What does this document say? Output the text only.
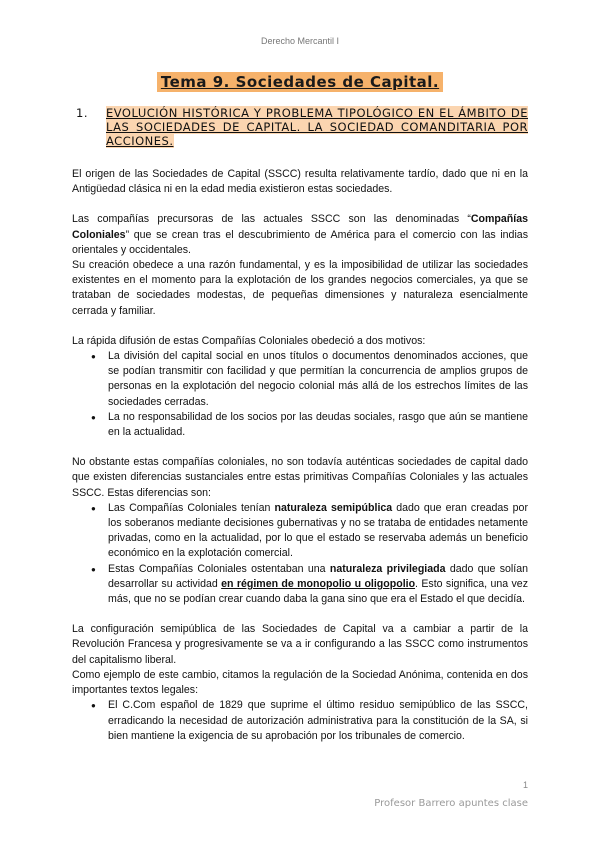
Derecho Mercantil I
Tema 9. Sociedades de Capital.
1.	EVOLUCIÓN HISTÓRICA Y PROBLEMA TIPOLÓGICO EN EL ÁMBITO DE LAS SOCIEDADES DE CAPITAL. LA SOCIEDAD COMANDITARIA POR ACCIONES.

El origen de las Sociedades de Capital (SSCC) resulta relativamente tardío, dado que ni en la Antigüedad clásica ni en la edad media existieron estas sociedades.

Las compañías precursoras de las actuales SSCC son las denominadas “Compañías Coloniales” que se crean tras el descubrimiento de América para el comercio con las indias orientales y occidentales.

Su creación obedece a una razón fundamental, y es la imposibilidad de utilizar las sociedades existentes en el momento para la explotación de los grandes negocios comerciales, ya que se trataban de sociedades modestas, de pequeñas dimensiones y naturaleza esencialmente cerrada y familiar.

La rápida difusión de estas Compañías Coloniales obedeció a dos motivos:

● La división del capital social en unos títulos o documentos denominados acciones, que se podían transmitir con facilidad y que permitían la concurrencia de amplios grupos de personas en la explotación del negocio colonial más allá de los estrechos límites de las sociedades cerradas.
● La no responsabilidad de los socios por las deudas sociales, rasgo que aún se mantiene en la actualidad.

No obstante estas compañías coloniales, no son todavía auténticas sociedades de capital dado que existen diferencias sustanciales entre estas primitivas Compañías Coloniales y las actuales SSCC. Estas diferencias son:

● Las Compañías Coloniales tenían naturaleza semipública dado que eran creadas por los soberanos mediante decisiones gubernativas y no se trataba de entidades netamente privadas, como en la actualidad, por lo que el estado se reservaba además un beneficio económico en la explotación comercial.
● Estas Compañías Coloniales ostentaban una naturaleza privilegiada dado que solían desarrollar su actividad en régimen de monopolio u oligopolio. Esto significa, una vez más, que no se podían crear cuando daba la gana sino que era el Estado el que decidía.

La configuración semipública de las Sociedades de Capital va a cambiar a partir de la Revolución Francesa y progresivamente se va a ir configurando a las SSCC como instrumentos del capitalismo liberal.

Como ejemplo de este cambio, citamos la regulación de la Sociedad Anónima, contenida en dos importantes textos legales:

● El C.Com español de 1829 que suprime el último residuo semipúblico de las SSCC, erradicando la necesidad de autorización administrativa para la constitución de la SA, si bien mantiene la exigencia de su aprobación por los tribunales de comercio.
1
Profesor Barrero apuntes clase
